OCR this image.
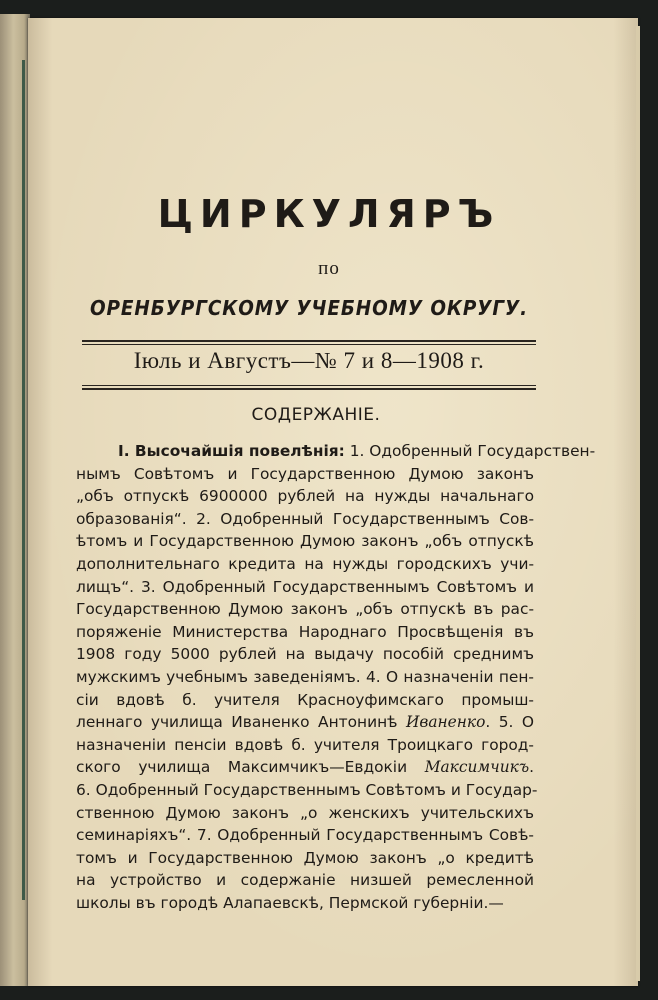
ЦИРКУЛЯРЪ
по
ОРЕНБУРГСКОМУ УЧЕБНОМУ ОКРУГУ.
Іюль и Августъ—№ 7 и 8—1908 г.
СОДЕРЖАНІЕ.
I. Высочайшія повелѣнія: 1. Одобренный Государствен-
нымъ Совѣтомъ и Государственною Думою законъ
„объ отпускѣ 6900000 рублей на нужды начальнаго
образованія“. 2. Одобренный Государственнымъ Сов-
ѣтомъ и Государственною Думою законъ „объ отпускѣ
дополнительнаго кредита на нужды городскихъ учи-
лищъ“. 3. Одобренный Государственнымъ Совѣтомъ и
Государственною Думою законъ „объ отпускѣ въ рас-
поряженіе Министерства Народнаго Просвѣщенія въ
1908 году 5000 рублей на выдачу пособій среднимъ
мужскимъ учебнымъ заведеніямъ. 4. О назначеніи пен-
сіи вдовѣ б. учителя Красноуфимскаго промыш-
леннаго училища Иваненко Антонинѣ Иваненко. 5. О
назначеніи пенсіи вдовѣ б. учителя Троицкаго город-
ского училища Максимчикъ—Евдокіи Максимчикъ.
6. Одобренный Государственнымъ Совѣтомъ и Государ-
ственною Думою законъ „о женскихъ учительскихъ
семинаріяхъ“. 7. Одобренный Государственнымъ Совѣ-
томъ и Государственною Думою законъ „о кредитѣ
на устройство и содержаніе низшей ремесленной
школы въ городѣ Алапаевскѣ, Пермской губерніи.—
